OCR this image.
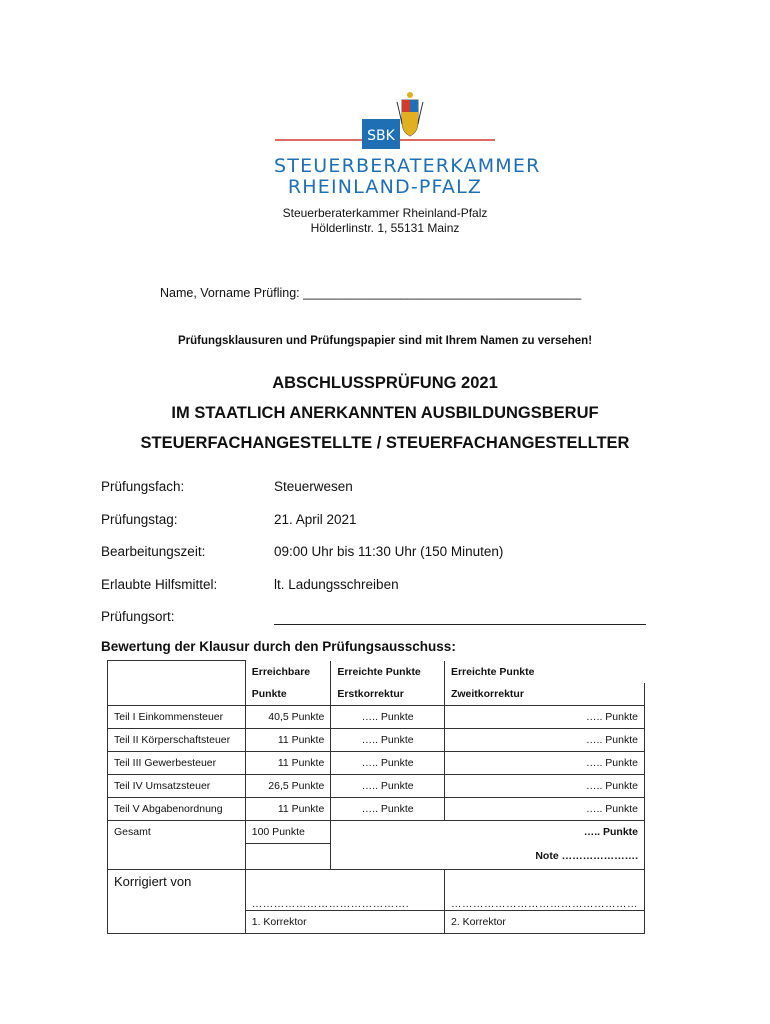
SBK
STEUERBERATERKAMMER
RHEINLAND-PFALZ
Steuerberaterkammer Rheinland-Pfalz
Hölderlinstr. 1, 55131 Mainz
Name, Vorname Prüfling: ________________________________________
Prüfungsklausuren und Prüfungspapier sind mit Ihrem Namen zu versehen!
ABSCHLUSSPRÜFUNG 2021
IM STAATLICH ANERKANNTEN AUSBILDUNGSBERUF
STEUERFACHANGESTELLTE / STEUERFACHANGESTELLTER
Prüfungsfach:	Steuerwesen
Prüfungstag:	21. April 2021
Bearbeitungszeit:	09:00 Uhr bis 11:30 Uhr (150 Minuten)
Erlaubte Hilfsmittel:	lt. Ladungsschreiben
Prüfungsort:
Bewertung der Klausur durch den Prüfungsausschuss:
	Erreichbare	Erreichte Punkte	Erreichte Punkte
	Punkte	Erstkorrektur	Zweitkorrektur
Teil I Einkommensteuer	40,5 Punkte	….. Punkte	….. Punkte
Teil II Körperschaftsteuer	11 Punkte	….. Punkte	….. Punkte
Teil III Gewerbesteuer	11 Punkte	….. Punkte	….. Punkte
Teil IV Umsatzsteuer	26,5 Punkte	….. Punkte	….. Punkte
Teil V Abgabenordnung	11 Punkte	….. Punkte	….. Punkte
Gesamt	100 Punkte	….. Punkte	
		Note ………………….	
Korrigiert von	…………………………………….		……………………………………………
	1. Korrektor		2. Korrektor
